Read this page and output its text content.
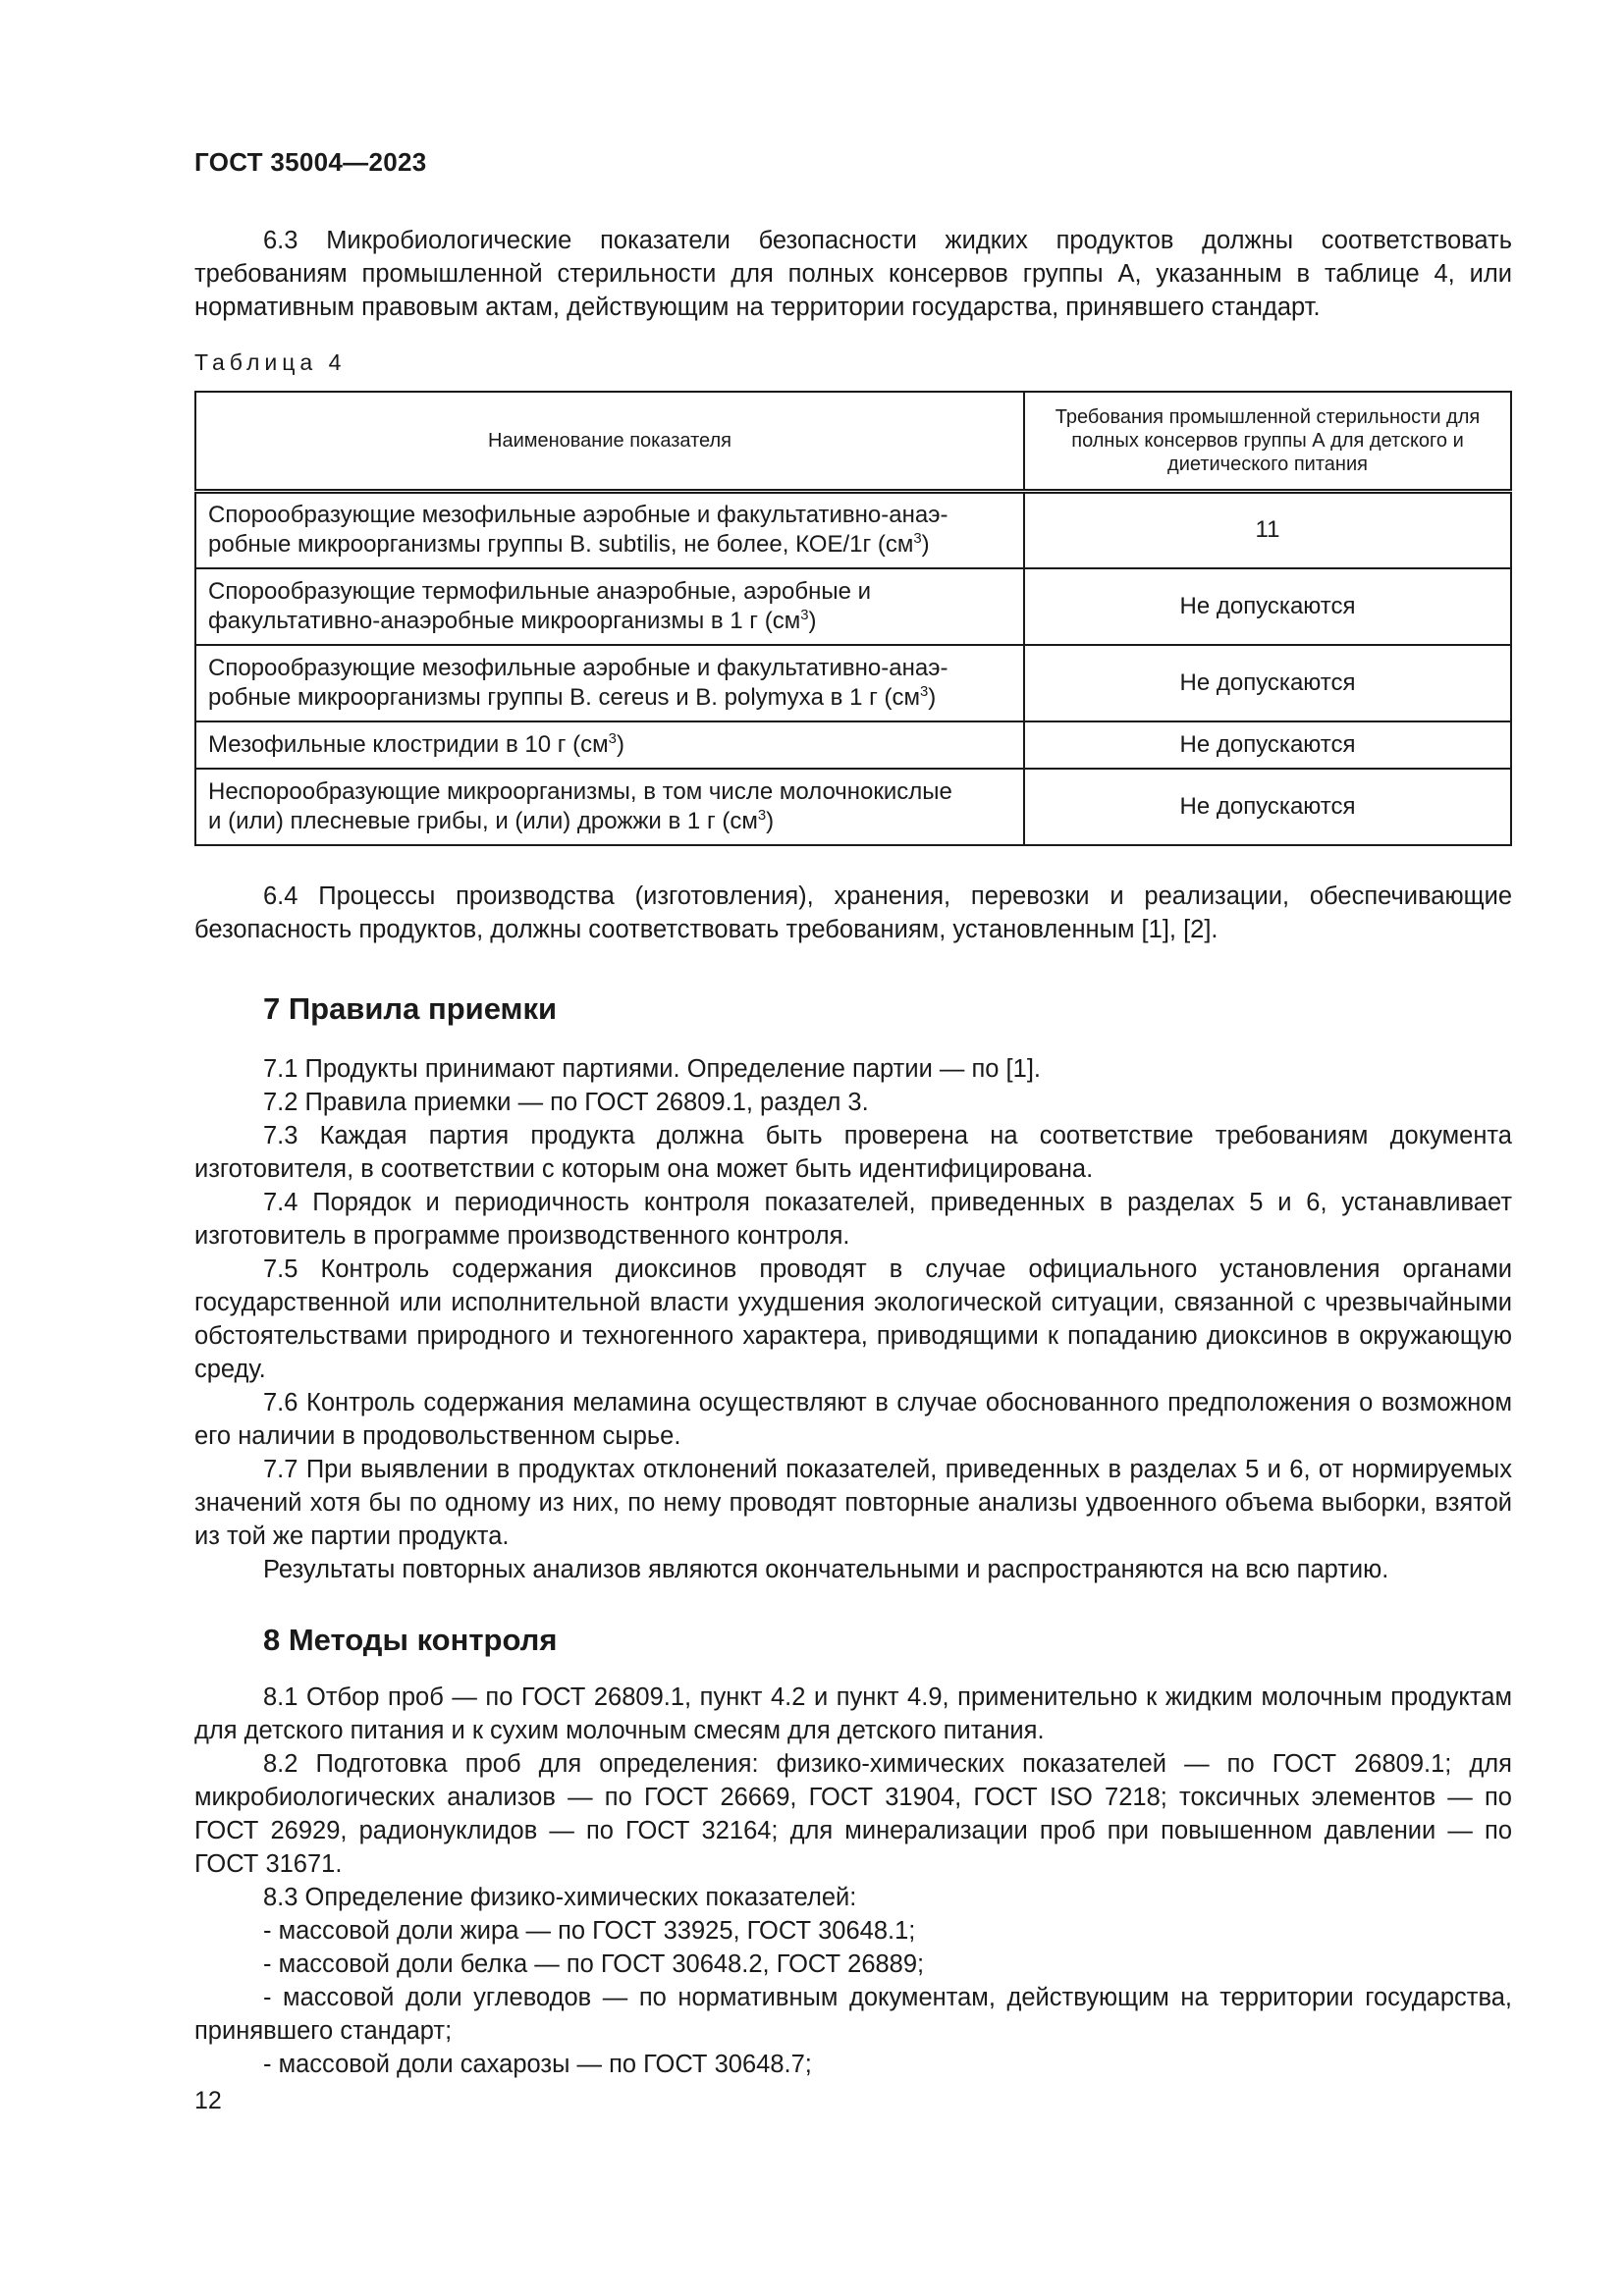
ГОСТ 35004—2023

6.3 Микробиологические показатели безопасности жидких продуктов должны соответствовать требованиям промышленной стерильности для полных консервов группы А, указанным в таблице 4, или нормативным правовым актам, действующим на территории государства, принявшего стандарт.

Таблица 4
Наименование показателя	Требования промышленной стерильности для полных консервов группы А для детского и диетического питания
Спорообразующие мезофильные аэробные и факультативно-анаэ-
робные микроорганизмы группы B. subtilis, не более, КОЕ/1г $(см^3)$	11
Спорообразующие термофильные анаэробные, аэробные и
факультативно-анаэробные микроорганизмы в 1 г $(см^3)$	Не допускаются
Спорообразующие мезофильные аэробные и факультативно-анаэ-
робные микроорганизмы группы B. cereus и B. polymyxa в 1 г $(см^3)$	Не допускаются
Мезофильные клостридии в 10 г $(см^3)$	Не допускаются
Неспорообразующие микроорганизмы, в том числе молочнокислые
и (или) плесневые грибы, и (или) дрожжи в 1 г $(см^3)$	Не допускаются

6.4 Процессы производства (изготовления), хранения, перевозки и реализации, обеспечивающие безопасность продуктов, должны соответствовать требованиям, установленным [1], [2].

7 Правила приемки

7.1 Продукты принимают партиями. Определение партии — по [1].

7.2 Правила приемки — по ГОСТ 26809.1, раздел 3.

7.3 Каждая партия продукта должна быть проверена на соответствие требованиям документа изготовителя, в соответствии с которым она может быть идентифицирована.

7.4 Порядок и периодичность контроля показателей, приведенных в разделах 5 и 6, устанавливает изготовитель в программе производственного контроля.

7.5 Контроль содержания диоксинов проводят в случае официального установления органами государственной или исполнительной власти ухудшения экологической ситуации, связанной с чрезвычайными обстоятельствами природного и техногенного характера, приводящими к попаданию диоксинов в окружающую среду.

7.6 Контроль содержания меламина осуществляют в случае обоснованного предположения о возможном его наличии в продовольственном сырье.

7.7 При выявлении в продуктах отклонений показателей, приведенных в разделах 5 и 6, от нормируемых значений хотя бы по одному из них, по нему проводят повторные анализы удвоенного объема выборки, взятой из той же партии продукта.

Результаты повторных анализов являются окончательными и распространяются на всю партию.

8 Методы контроля

8.1 Отбор проб — по ГОСТ 26809.1, пункт 4.2 и пункт 4.9, применительно к жидким молочным продуктам для детского питания и к сухим молочным смесям для детского питания.

8.2 Подготовка проб для определения: физико-химических показателей — по ГОСТ 26809.1; для микробиологических анализов — по ГОСТ 26669, ГОСТ 31904, ГОСТ ISO 7218; токсичных элементов — по ГОСТ 26929, радионуклидов — по ГОСТ 32164; для минерализации проб при повышенном давлении — по ГОСТ 31671.

8.3 Определение физико-химических показателей:

- массовой доли жира — по ГОСТ 33925, ГОСТ 30648.1;

- массовой доли белка — по ГОСТ 30648.2, ГОСТ 26889;

- массовой доли углеводов — по нормативным документам, действующим на территории государства, принявшего стандарт;

- массовой доли сахарозы — по ГОСТ 30648.7;

12
